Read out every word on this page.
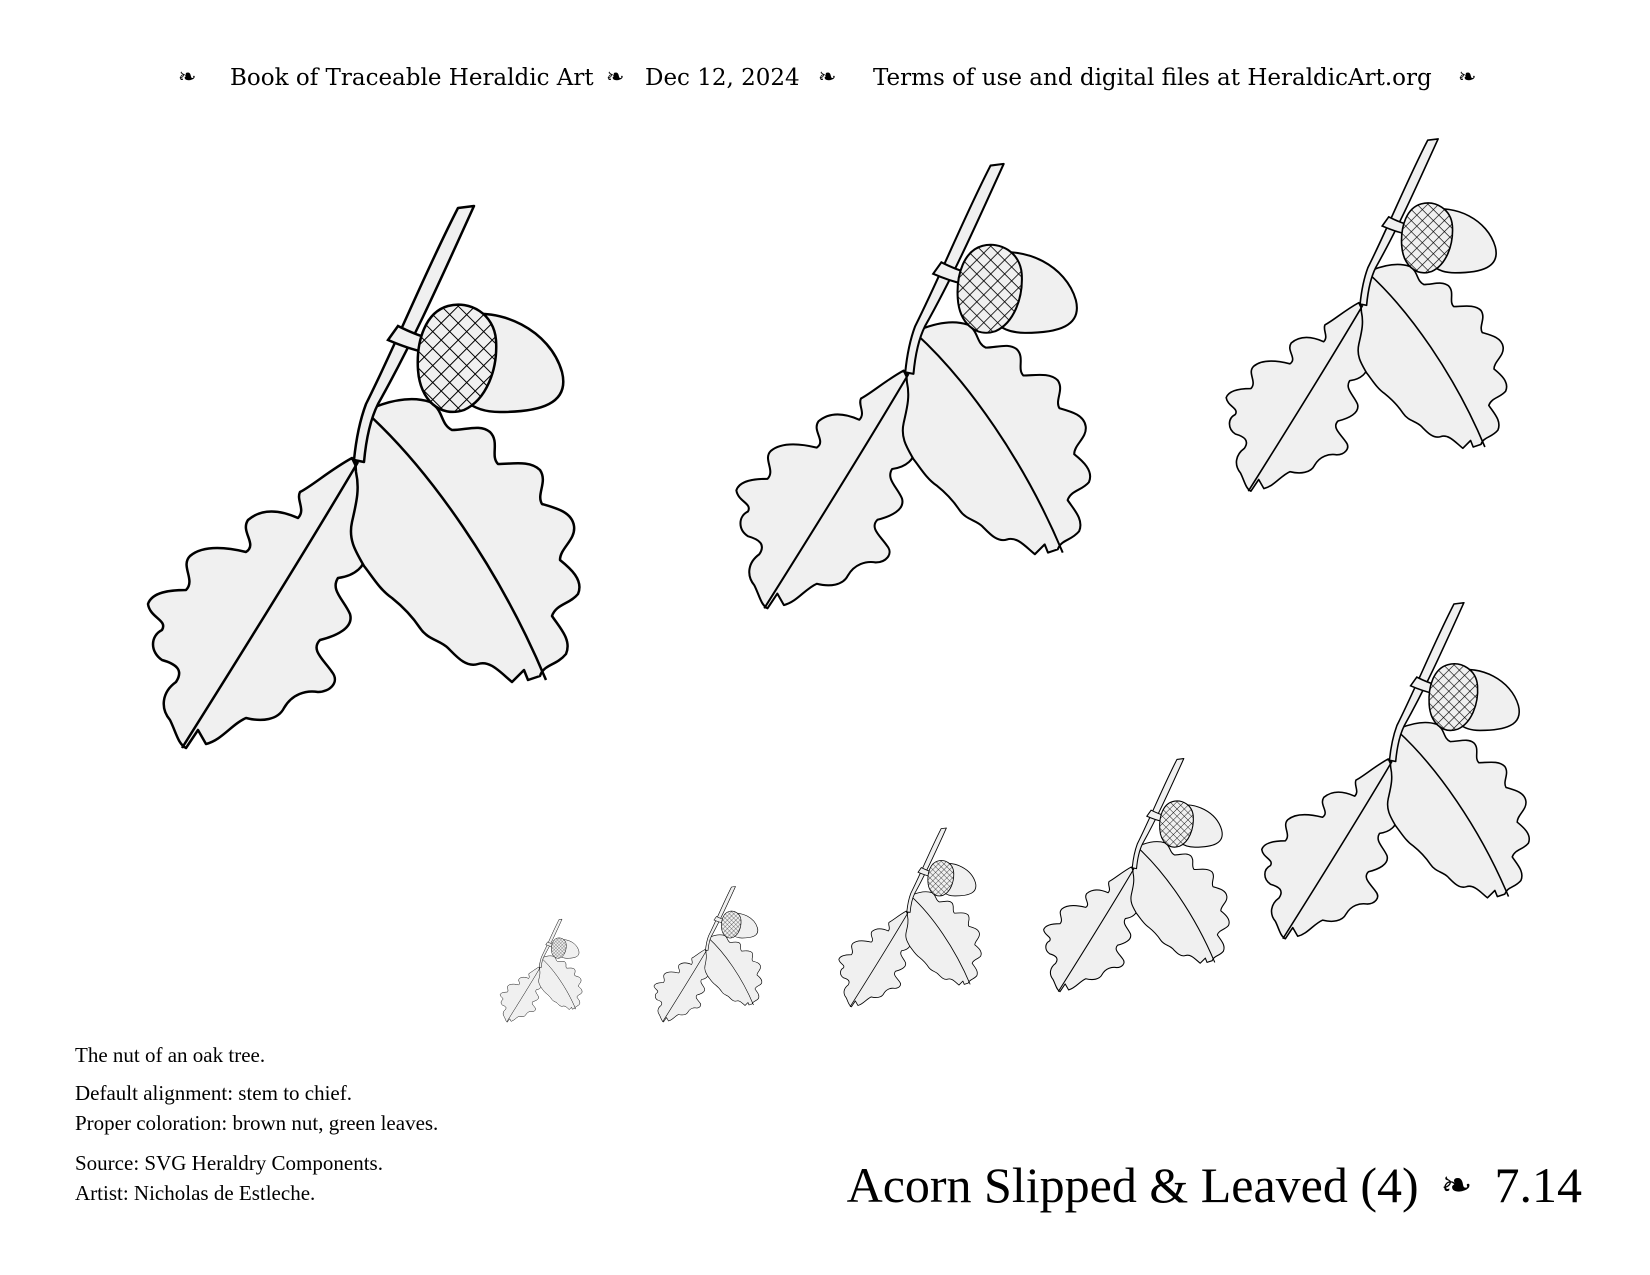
❧ Book of Traceable Heraldic Art ❧ Dec 12, 2024 ❧ Terms of use and digital files at HeraldicArt.org ❧
The nut of an oak tree.
Default alignment: stem to chief.
Proper coloration: brown nut, green leaves.
Source: SVG Heraldry Components.
Artist: Nicholas de Estleche.	Acorn Slipped & Leaved (4) ❧ 7.14
